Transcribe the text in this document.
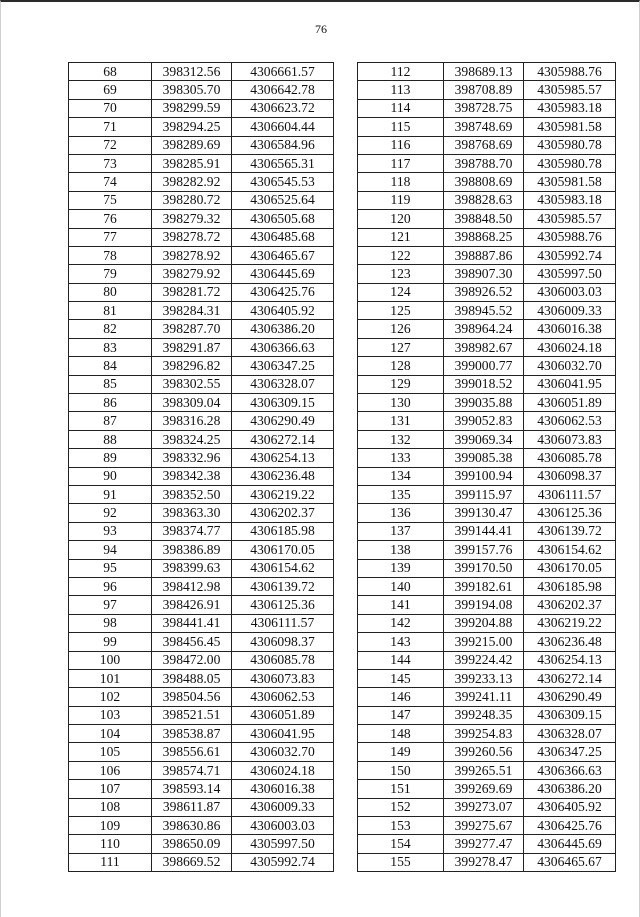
76
68	398312.56	4306661.57
69	398305.70	4306642.78
70	398299.59	4306623.72
71	398294.25	4306604.44
72	398289.69	4306584.96
73	398285.91	4306565.31
74	398282.92	4306545.53
75	398280.72	4306525.64
76	398279.32	4306505.68
77	398278.72	4306485.68
78	398278.92	4306465.67
79	398279.92	4306445.69
80	398281.72	4306425.76
81	398284.31	4306405.92
82	398287.70	4306386.20
83	398291.87	4306366.63
84	398296.82	4306347.25
85	398302.55	4306328.07
86	398309.04	4306309.15
87	398316.28	4306290.49
88	398324.25	4306272.14
89	398332.96	4306254.13
90	398342.38	4306236.48
91	398352.50	4306219.22
92	398363.30	4306202.37
93	398374.77	4306185.98
94	398386.89	4306170.05
95	398399.63	4306154.62
96	398412.98	4306139.72
97	398426.91	4306125.36
98	398441.41	4306111.57
99	398456.45	4306098.37
100	398472.00	4306085.78
101	398488.05	4306073.83
102	398504.56	4306062.53
103	398521.51	4306051.89
104	398538.87	4306041.95
105	398556.61	4306032.70
106	398574.71	4306024.18
107	398593.14	4306016.38
108	398611.87	4306009.33
109	398630.86	4306003.03
110	398650.09	4305997.50
111	398669.52	4305992.74
112	398689.13	4305988.76
113	398708.89	4305985.57
114	398728.75	4305983.18
115	398748.69	4305981.58
116	398768.69	4305980.78
117	398788.70	4305980.78
118	398808.69	4305981.58
119	398828.63	4305983.18
120	398848.50	4305985.57
121	398868.25	4305988.76
122	398887.86	4305992.74
123	398907.30	4305997.50
124	398926.52	4306003.03
125	398945.52	4306009.33
126	398964.24	4306016.38
127	398982.67	4306024.18
128	399000.77	4306032.70
129	399018.52	4306041.95
130	399035.88	4306051.89
131	399052.83	4306062.53
132	399069.34	4306073.83
133	399085.38	4306085.78
134	399100.94	4306098.37
135	399115.97	4306111.57
136	399130.47	4306125.36
137	399144.41	4306139.72
138	399157.76	4306154.62
139	399170.50	4306170.05
140	399182.61	4306185.98
141	399194.08	4306202.37
142	399204.88	4306219.22
143	399215.00	4306236.48
144	399224.42	4306254.13
145	399233.13	4306272.14
146	399241.11	4306290.49
147	399248.35	4306309.15
148	399254.83	4306328.07
149	399260.56	4306347.25
150	399265.51	4306366.63
151	399269.69	4306386.20
152	399273.07	4306405.92
153	399275.67	4306425.76
154	399277.47	4306445.69
155	399278.47	4306465.67
